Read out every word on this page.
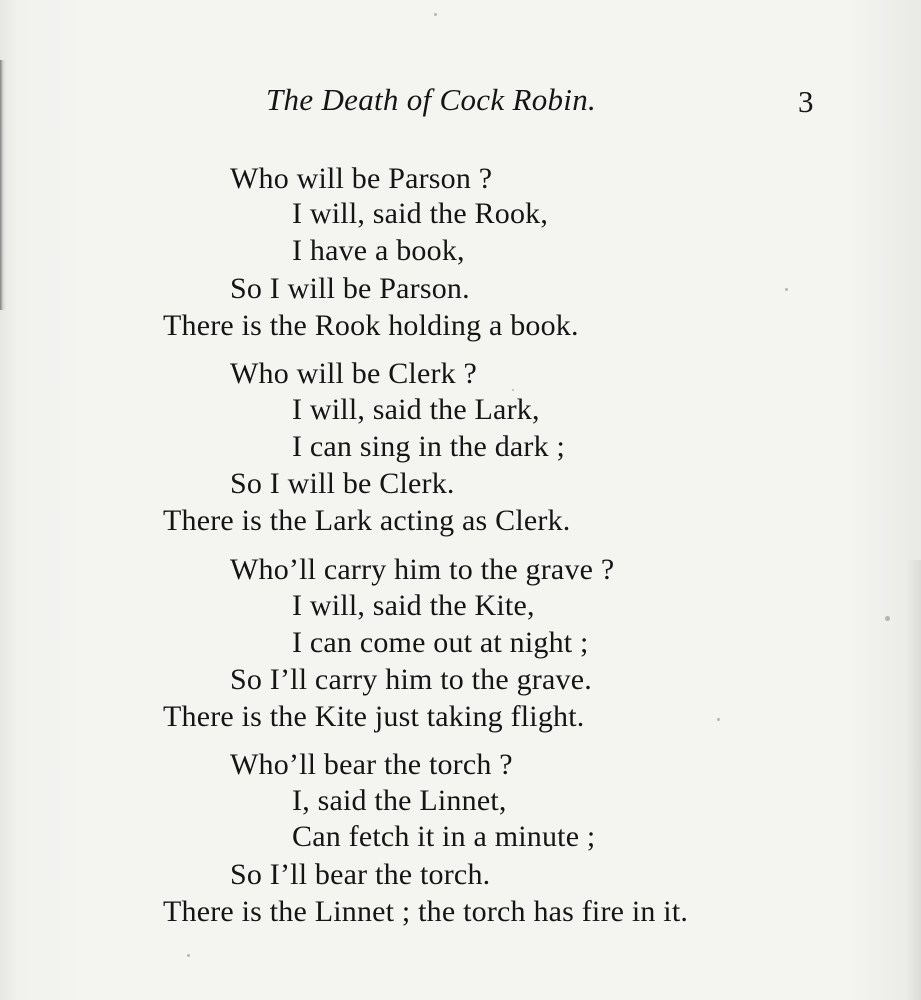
The Death of Cock Robin.	3
Who will be Parson ?
I will, said the Rook,
I have a book,
So I will be Parson.
There is the Rook holding a book.
Who will be Clerk ?
I will, said the Lark,
I can sing in the dark ;
So I will be Clerk.
There is the Lark acting as Clerk.
Who’ll carry him to the grave ?
I will, said the Kite,
I can come out at night ;
So I’ll carry him to the grave.
There is the Kite just taking flight.
Who’ll bear the torch ?
I, said the Linnet,
Can fetch it in a minute ;
So I’ll bear the torch.
There is the Linnet ; the torch has fire in it.
